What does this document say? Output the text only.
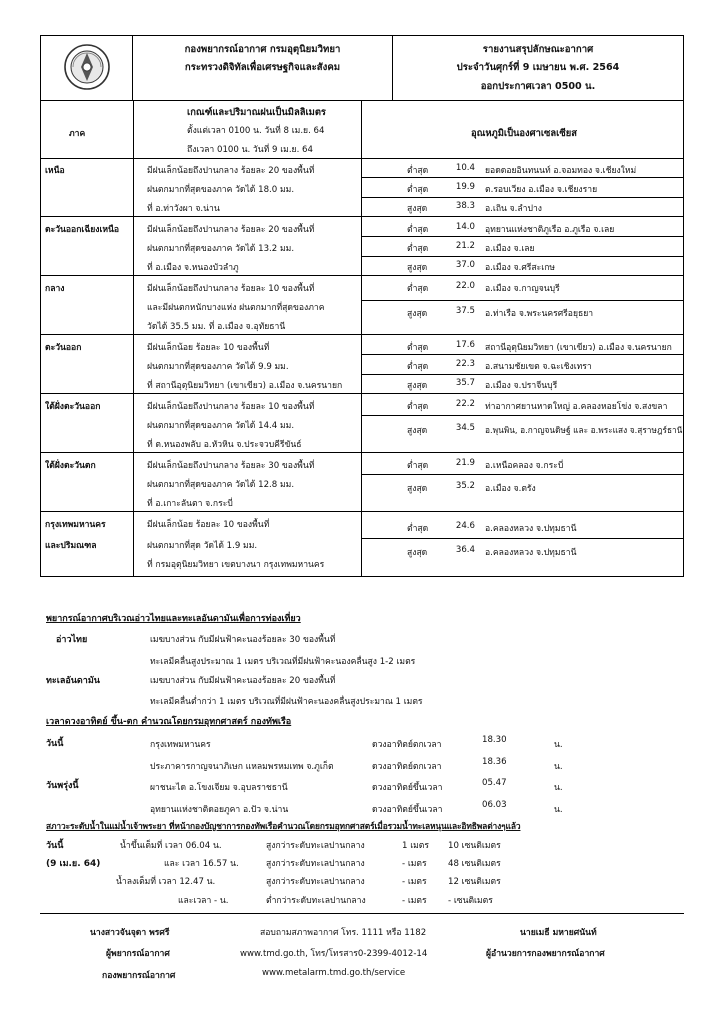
กองพยากรณ์อากาศ กรมอุตุนิยมวิทยา
กระทรวงดิจิทัลเพื่อเศรษฐกิจและสังคม
รายงานสรุปลักษณะอากาศ
ประจำวันศุกร์ที่ 9 เมษายน พ.ศ. 2564
ออกประกาศเวลา 0500 น.
ภาค
เกณฑ์และปริมาณฝนเป็นมิลลิเมตร
ตั้งแต่เวลา 0100 น. วันที่ 8 เม.ย. 64
ถึงเวลา 0100 น. วันที่ 9 เม.ย. 64
อุณหภูมิเป็นองศาเซลเซียส
เหนือ	มีฝนเล็กน้อยถึงปานกลาง ร้อยละ 20 ของพื้นที่
ฝนตกมากที่สุดของภาค วัดได้ 18.0 มม.
ที่ อ.ท่าวังผา จ.น่าน
ต่ำสุด	10.4 ยอดดอยอินทนนท์ อ.จอมทอง จ.เชียงใหม่
ต่ำสุด	19.9 ต.รอบเวียง อ.เมือง จ.เชียงราย
สูงสุด	38.3 อ.เถิน จ.ลำปาง
ตะวันออกเฉียงเหนือ	มีฝนเล็กน้อยถึงปานกลาง ร้อยละ 20 ของพื้นที่
ฝนตกมากที่สุดของภาค วัดได้ 13.2 มม.
ที่ อ.เมือง จ.หนองบัวลำภู
ต่ำสุด	14.0 อุทยานแห่งชาติภูเรือ อ.ภูเรือ จ.เลย
ต่ำสุด	21.2 อ.เมือง จ.เลย
สูงสุด	37.0 อ.เมือง จ.ศรีสะเกษ
กลาง	มีฝนเล็กน้อยถึงปานกลาง ร้อยละ 10 ของพื้นที่
และมีฝนตกหนักบางแห่ง ฝนตกมากที่สุดของภาค
วัดได้ 35.5 มม. ที่ อ.เมือง จ.อุทัยธานี
ต่ำสุด	22.0 อ.เมือง จ.กาญจนบุรี
สูงสุด	37.5 อ.ท่าเรือ จ.พระนครศรีอยุธยา
ตะวันออก	มีฝนเล็กน้อย ร้อยละ 10 ของพื้นที่
ฝนตกมากที่สุดของภาค วัดได้ 9.9 มม.
ที่ สถานีอุตุนิยมวิทยา (เขาเขียว) อ.เมือง จ.นครนายก
ต่ำสุด	17.6 สถานีอุตุนิยมวิทยา (เขาเขียว) อ.เมือง จ.นครนายก
ต่ำสุด	22.3 อ.สนามชัยเขต จ.ฉะเชิงเทรา
สูงสุด	35.7 อ.เมือง จ.ปราจีนบุรี
ใต้ฝั่งตะวันออก	มีฝนเล็กน้อยถึงปานกลาง ร้อยละ 10 ของพื้นที่
ฝนตกมากที่สุดของภาค วัดได้ 14.4 มม.
ที่ ต.หนองพลับ อ.หัวหิน จ.ประจวบคีรีขันธ์
ต่ำสุด	22.2 ท่าอากาศยานหาดใหญ่ อ.คลองหอยโข่ง จ.สงขลา
สูงสุด	34.5 อ.พุนพิน, อ.กาญจนดิษฐ์ และ อ.พระแสง จ.สุราษฎร์ธานี
ใต้ฝั่งตะวันตก	มีฝนเล็กน้อยถึงปานกลาง ร้อยละ 30 ของพื้นที่
ฝนตกมากที่สุดของภาค วัดได้ 12.8 มม.
ที่ อ.เกาะลันตา จ.กระบี่
ต่ำสุด	21.9 อ.เหนือคลอง จ.กระบี่
สูงสุด	35.2 อ.เมือง จ.ตรัง
กรุงเทพมหานคร
และปริมณฑล
มีฝนเล็กน้อย ร้อยละ 10 ของพื้นที่
ฝนตกมากที่สุด วัดได้ 1.9 มม.
ที่ กรมอุตุนิยมวิทยา เขตบางนา กรุงเทพมหานคร
ต่ำสุด	24.6 อ.คลองหลวง จ.ปทุมธานี
สูงสุด	36.4 อ.คลองหลวง จ.ปทุมธานี
พยากรณ์อากาศบริเวณอ่าวไทยและทะเลอันดามันเพื่อการท่องเที่ยว
อ่าวไทย	เมฆบางส่วน กับมีฝนฟ้าคะนองร้อยละ 30 ของพื้นที่
ทะเลมีคลื่นสูงประมาณ 1 เมตร บริเวณที่มีฝนฟ้าคะนองคลื่นสูง 1-2 เมตร
ทะเลอันดามัน	เมฆบางส่วน กับมีฝนฟ้าคะนองร้อยละ 20 ของพื้นที่
ทะเลมีคลื่นต่ำกว่า 1 เมตร บริเวณที่มีฝนฟ้าคะนองคลื่นสูงประมาณ 1 เมตร
เวลาดวงอาทิตย์ ขึ้น-ตก คำนวณโดยกรมอุทกศาสตร์ กองทัพเรือ
วันนี้	กรุงเทพมหานคร	ดวงอาทิตย์ตกเวลา	18.30	น.
ประภาคารกาญจนาภิเษก แหลมพรหมเทพ จ.ภูเก็ต	ดวงอาทิตย์ตกเวลา	18.36	น.
วันพรุ่งนี้	ผาชนะได อ.โขงเจียม จ.อุบลราชธานี	ดวงอาทิตย์ขึ้นเวลา	05.47	น.
อุทยานแห่งชาติดอยภูคา อ.ปัว จ.น่าน	ดวงอาทิตย์ขึ้นเวลา	06.03	น.
สภาวะระดับน้ำในแม่น้ำเจ้าพระยา ที่หน้ากองบัญชาการกองทัพเรือคำนวณโดยกรมอุทกศาสตร์เมื่อรวมน้ำทะเลหนุนและอิทธิพลต่างๆแล้ว
วันนี้
(9 เม.ย. 64)
น้ำขึ้นเต็มที่ เวลา 06.04 น.	สูงกว่าระดับทะเลปานกลาง	1 เมตร 10 เซนติเมตร
และ เวลา 16.57 น.	สูงกว่าระดับทะเลปานกลาง	- เมตร 48 เซนติเมตร
น้ำลงเต็มที่ เวลา 12.47 น.	สูงกว่าระดับทะเลปานกลาง	- เมตร 12 เซนติเมตร
และเวลา - น.	ต่ำกว่าระดับทะเลปานกลาง	- เมตร - เซนติเมตร
นางสาวจันจุดา พรศรี
ผู้พยากรณ์อากาศ
กองพยากรณ์อากาศ
สอบถามสภาพอากาศ โทร. 1111 หรือ 1182
www.tmd.go.th, โทร/โทรสาร0-2399-4012-14
www.metalarm.tmd.go.th/service
นายเมธี มหายศนันท์
ผู้อำนวยการกองพยากรณ์อากาศ
